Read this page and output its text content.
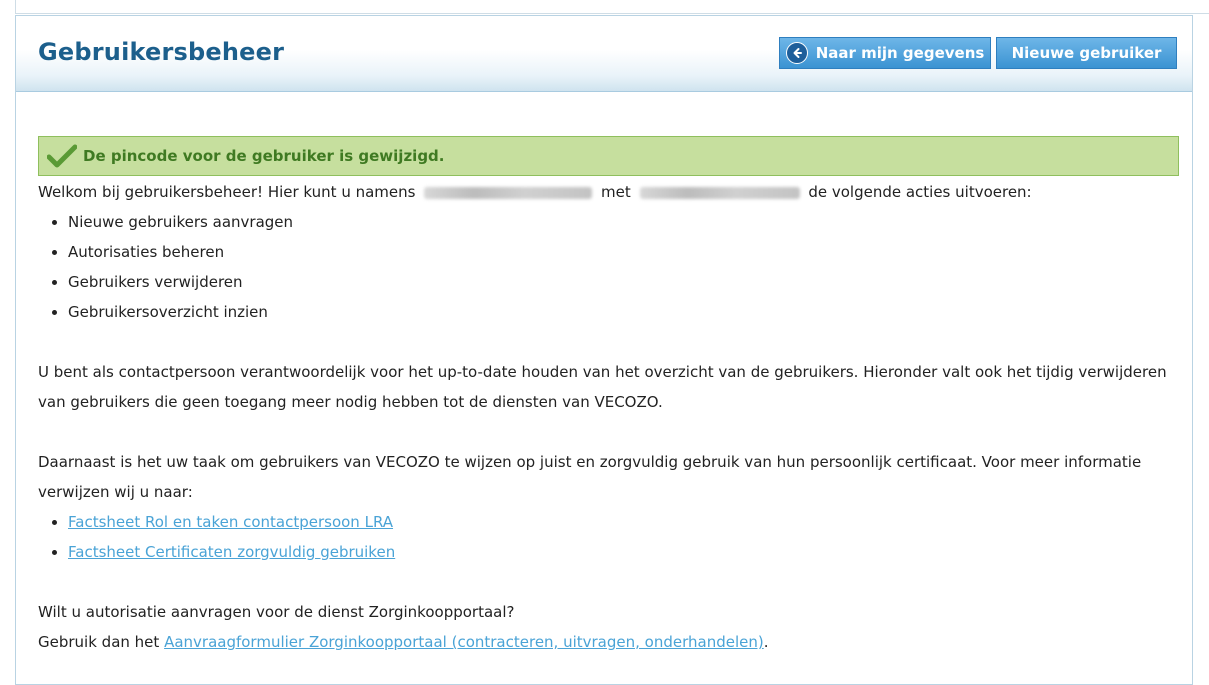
Gebruikersbeheer	Naar mijn gegevens Nieuwe gebruiker
De pincode voor de gebruiker is gewijzigd.
Welkom bij gebruikersbeheer! Hier kunt u namens	met	de volgende acties uitvoeren:
• Nieuwe gebruikers aanvragen
• Autorisaties beheren
• Gebruikers verwijderen
• Gebruikersoverzicht inzien
U bent als contactpersoon verantwoordelijk voor het up-to-date houden van het overzicht van de gebruikers. Hieronder valt ook het tijdig verwijderen van gebruikers die geen toegang meer nodig hebben tot de diensten van VECOZO.
Daarnaast is het uw taak om gebruikers van VECOZO te wijzen op juist en zorgvuldig gebruik van hun persoonlijk certificaat. Voor meer informatie verwijzen wij u naar:
• Factsheet Rol en taken contactpersoon LRA
• Factsheet Certificaten zorgvuldig gebruiken
Wilt u autorisatie aanvragen voor de dienst Zorginkoopportaal?
Gebruik dan het Aanvraagformulier Zorginkoopportaal (contracteren, uitvragen, onderhandelen).
